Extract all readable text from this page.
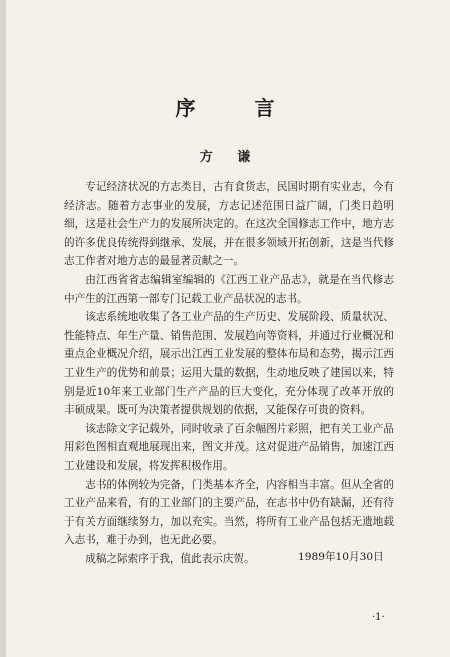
序 言
方 谦

专记经济状况的方志类目，古有食货志，民国时期有实业志，今有经济志。随着方志事业的发展，方志记述范围日益广阔，门类日趋明细，这是社会生产力的发展所决定的。在这次全国修志工作中，地方志的许多优良传统得到继承、发展，并在很多领域开拓创新，这是当代修志工作者对地方志的最显著贡献之一。

由江西省省志编辑室编辑的《江西工业产品志》，就是在当代修志中产生的江西第一部专门记载工业产品状况的志书。

该志系统地收集了各工业产品的生产历史、发展阶段、质量状况、性能特点、年生产量、销售范围、发展趋向等资料，并通过行业概况和重点企业概况介绍，展示出江西工业发展的整体布局和态势，揭示江西工业生产的优势和前景；运用大量的数据，生动地反映了建国以来，特别是近10年来工业部门生产产品的巨大变化，充分体现了改革开放的丰硕成果。既可为决策者提供规划的依据，又能保存可贵的资料。

该志除文字记载外，同时收录了百余幅图片彩照，把有关工业产品用彩色图相直观地展现出来，图文并茂。这对促进产品销售，加速江西工业建设和发展，将发挥积极作用。

志书的体例较为完备，门类基本齐全，内容相当丰富。但从全省的工业产品来看，有的工业部门的主要产品，在志书中仍有缺漏，还有待于有关方面继续努力，加以充实。当然，将所有工业产品包括无遗地载入志书，难于办到，也无此必要。

成稿之际索序于我，值此表示庆贺。	1989年10月30日
·1·
